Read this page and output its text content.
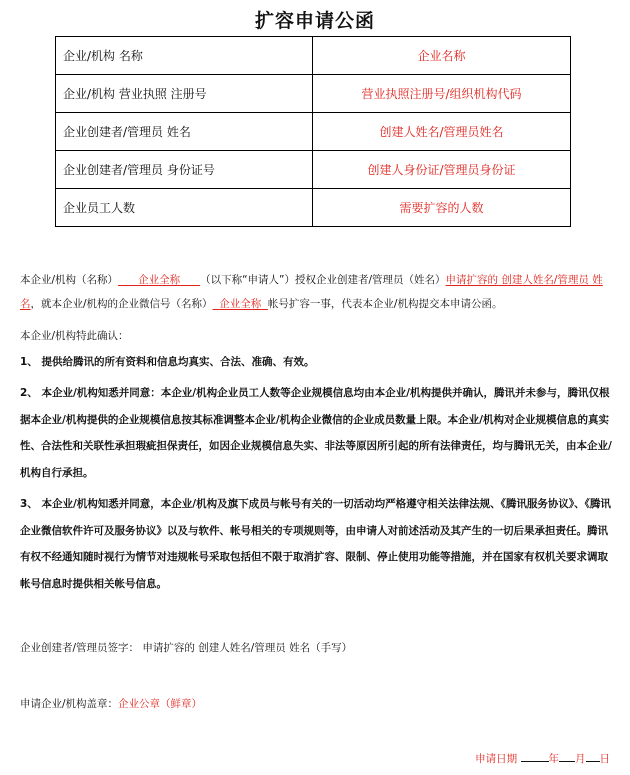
扩容申请公函
企业/机构 名称	企业名称
企业/机构 营业执照 注册号	营业执照注册号/组织机构代码
企业创建者/管理员 姓名	创建人姓名/管理员姓名
企业创建者/管理员 身份证号	创建人身份证/管理员身份证
企业员工人数	需要扩容的人数

本企业/机构（名称） 企业全称 （以下称“申请人”）授权企业创建者/管理员（姓名）申请扩容的 创建人姓名/管理员 姓名，就本企业/机构的企业微信号（名称） 企业全称 帐号扩容一事，代表本企业/机构提交本申请公函。

本企业/机构特此确认：
1、 提供给腾讯的所有资料和信息均真实、合法、准确、有效。
2、 本企业/机构知悉并同意：本企业/机构企业员工人数等企业规模信息均由本企业/机构提供并确认，腾讯并未参与，腾讯仅根据本企业/机构提供的企业规模信息按其标准调整本企业/机构企业微信的企业成员数量上限。本企业/机构对企业规模信息的真实性、合法性和关联性承担瑕疵担保责任，如因企业规模信息失实、非法等原因所引起的所有法律责任，均与腾讯无关，由本企业/机构自行承担。
3、 本企业/机构知悉并同意，本企业/机构及旗下成员与帐号有关的一切活动均严格遵守相关法律法规、《腾讯服务协议》、《腾讯企业微信软件许可及服务协议》以及与软件、帐号相关的专项规则等，由申请人对前述活动及其产生的一切后果承担责任。腾讯有权不经通知随时视行为情节对违规帐号采取包括但不限于取消扩容、限制、停止使用功能等措施，并在国家有权机关要求调取帐号信息时提供相关帐号信息。
企业创建者/管理员签字： 申请扩容的 创建人姓名/管理员 姓名（手写）
申请企业/机构盖章：企业公章（鲜章）
申请日期	年 月 日
